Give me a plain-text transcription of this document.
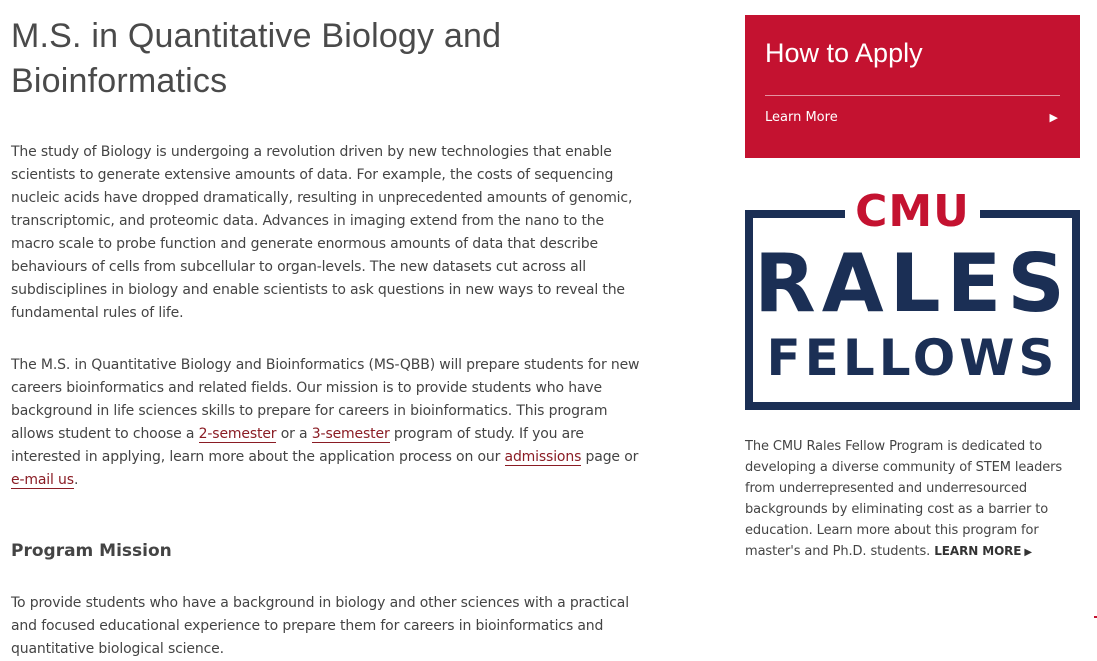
M.S. in Quantitative Biology and Bioinformatics

The study of Biology is undergoing a revolution driven by new technologies that enable scientists to generate extensive amounts of data. For example, the costs of sequencing nucleic acids have dropped dramatically, resulting in unprecedented amounts of genomic, transcriptomic, and proteomic data. Advances in imaging extend from the nano to the macro scale to probe function and generate enormous amounts of data that describe behaviours of cells from subcellular to organ-levels. The new datasets cut across all subdisciplines in biology and enable scientists to ask questions in new ways to reveal the fundamental rules of life.

The M.S. in Quantitative Biology and Bioinformatics (MS-QBB) will prepare students for new careers bioinformatics and related fields. Our mission is to provide students who have background in life sciences skills to prepare for careers in bioinformatics. This program allows student to choose a 2-semester or a 3-semester program of study. If you are interested in applying, learn more about the application process on our admissions page or e-mail us.

Program Mission

To provide students who have a background in biology and other sciences with a practical and focused educational experience to prepare them for careers in bioinformatics and quantitative biological science.

How to Apply
Learn More	▶
CMU
RALES
FELLOWS

The CMU Rales Fellow Program is dedicated to developing a diverse community of STEM leaders from underrepresented and underresourced backgrounds by eliminating cost as a barrier to education. Learn more about this program for master's and Ph.D. students. LEARN MORE ▶
